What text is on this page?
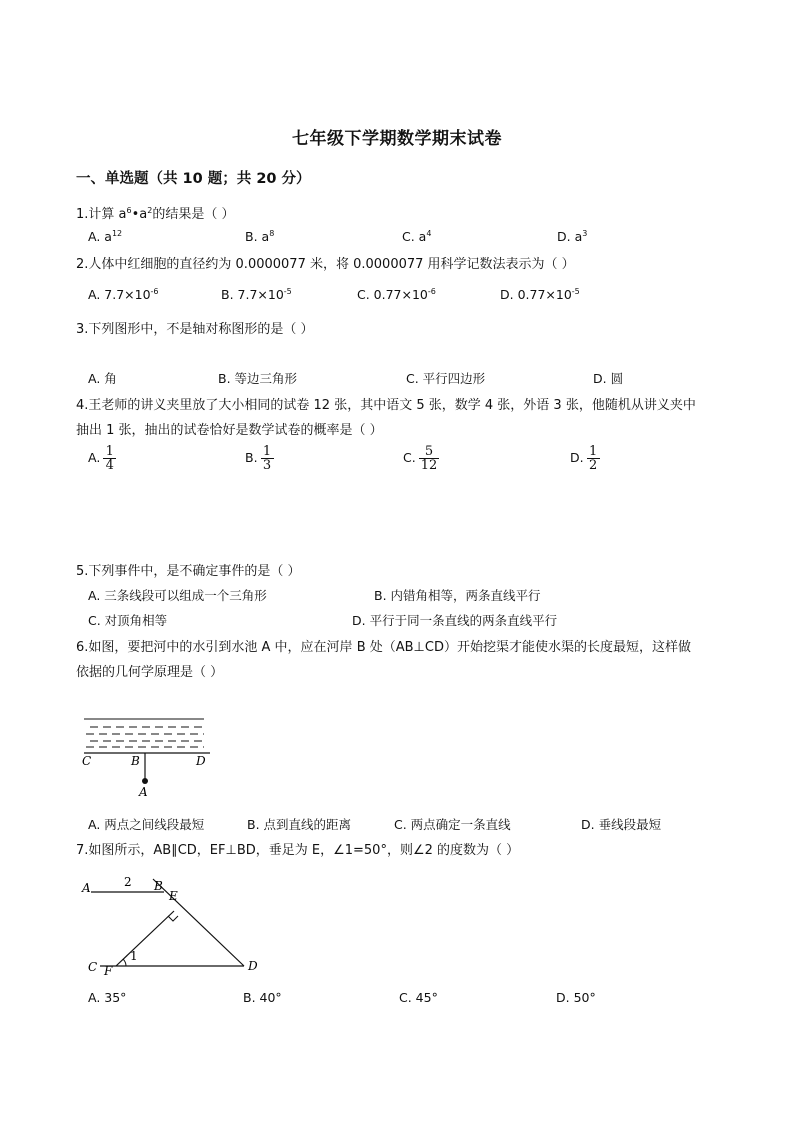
七年级下学期数学期末试卷
一、单选题（共 10 题；共 20 分）
1.计算 $a^6•a^2$的结果是（ ）
A. $a^{12}$	B. $a^8$	C. $a^4$	D. $a^3$
2.人体中红细胞的直径约为 0.0000077 米，将 0.0000077 用科学记数法表示为（ ）
A. $7.7\times 10^{-6}$	B. $7.7\times 10^{-5}$	C. $0.77\times 10^{-6}$	D. $0.77\times 10^{-5}$
3.下列图形中，不是轴对称图形的是（ ）
A. 角	B. 等边三角形	C. 平行四边形	D. 圆
4.王老师的讲义夹里放了大小相同的试卷 12 张，其中语文 5 张，数学 4 张，外语 3 张，他随机从讲义夹中
抽出 1 张，抽出的试卷恰好是数学试卷的概率是（ ）
A. $\frac{1}{4}$	B. $\frac{1}{3}$	C. $\frac{5}{12}$	D. $\frac{1}{2}$
5.下列事件中，是不确定事件的是（ ）
A. 三条线段可以组成一个三角形	B. 内错角相等，两条直线平行
C. 对顶角相等	D. 平行于同一条直线的两条直线平行
6.如图，要把河中的水引到水池 A 中，应在河岸 B 处（AB⊥CD）开始挖渠才能使水渠的长度最短，这样做
依据的几何学原理是（ ）
C	B	D
A
A. 两点之间线段最短	B. 点到直线的距离	C. 两点确定一条直线	D. 垂线段最短
7.如图所示，AB∥CD，EF⊥BD，垂足为 E，∠1=50°，则∠2 的度数为（ ）
A	2 B
E
1
C F	D
A. 35°	B. 40°	C. 45°	D. 50°
